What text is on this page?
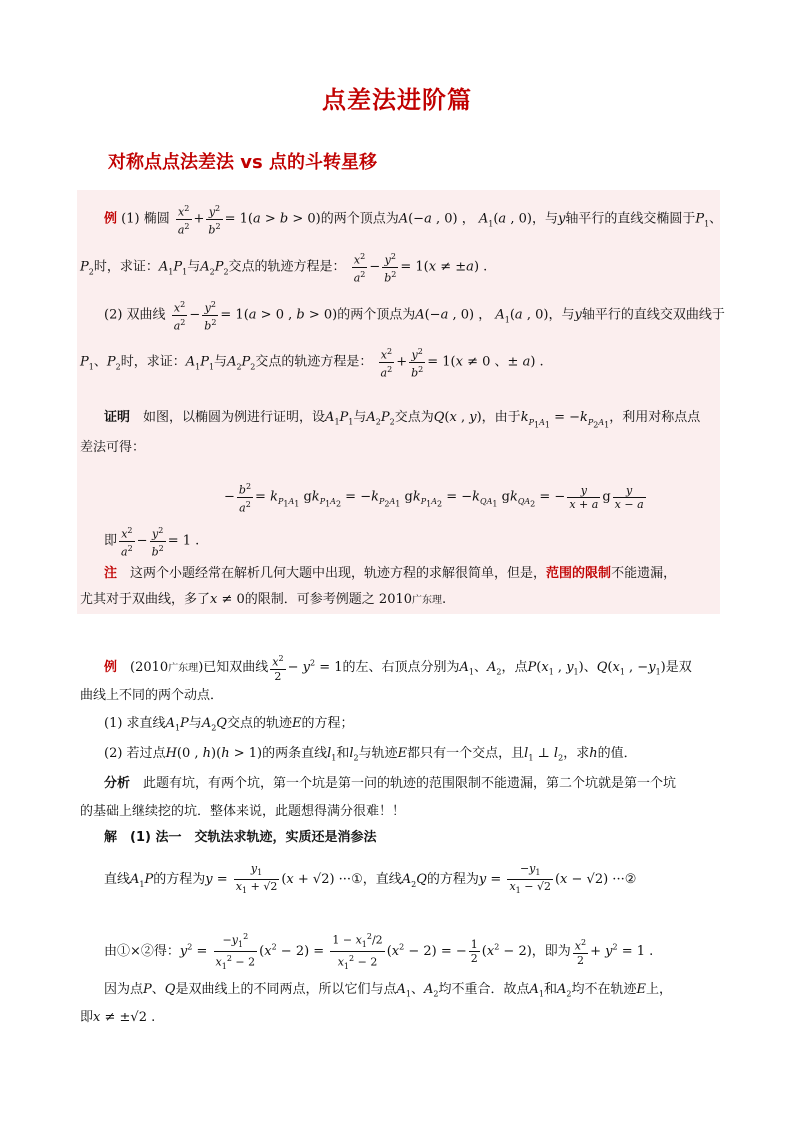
点差法进阶篇
对称点点法差法 vs 点的斗转星移
例 (1) 椭圆 $\frac{x^2}{a^2} + \frac{y^2}{b^2} = 1(a > b > 0)$的两个顶点为A(−a , 0) ， $A_1(a$ , 0)，与y轴平行的直线交椭圆于$P_1$、
$P_2$时，求证：$A_1P_1$与$A_2P_2$交点的轨迹方程是： $\frac{x^2}{a^2} - \frac{y^2}{b^2} = 1(x \ne \pm a)$ .
(2) 双曲线 $\frac{x^2}{a^2} - \frac{y^2}{b^2} = 1(a > 0$ , b > 0)的两个顶点为A(−a , 0) ， $A_1(a$ , 0)，与y轴平行的直线交双曲线于
$P_1$、$P_2$时，求证：$A_1P_1$与$A_2P_2$交点的轨迹方程是： $\frac{x^2}{a^2} + \frac{y^2}{b^2} = 1(x \ne 0$ 、± a) .
证明　 如图，以椭圆为例进行证明，设$A_1P_1$与$A_2P_2$交点为Q(x , y)，由于$k_{P_1A_1} = -k_{P_2A_1}$，利用对称点点
差法可得：
− $\frac{b^2}{a^2} = k_{P_1A_1}$ $gk_{P_1A_2} = -k_{P_2A_1}$ $gk_{P_1A_2} = -k_{QA_1}$ $gk_{QA_2}$ = − $\frac{y}{x + a}$ g $\frac{y}{x - a}$
即 $\frac{x^2}{a^2} - \frac{y^2}{b^2} = 1$ .
注　 这两个小题经常在解析几何大题中出现，轨迹方程的求解很简单，但是，范围的限制不能遗漏，
尤其对于双曲线，多了x ≠ 0的限制．可参考例题之 2010广东理.
例　 (2010广东理)已知双曲线 $\frac{x^2}{2} - y^2 = 1$的左、右顶点分别为$A_1$、$A_2$，点$P(x_1$ , $y_1$)、$Q(x_1$ , $-y_1$)是双
曲线上不同的两个动点．
(1) 求直线$A_1P$与$A_2Q$交点的轨迹E的方程；
(2) 若过点H(0 , h)(h > 1)的两条直线$l_1$和$l_2$与轨迹E都只有一个交点，且$l_1$ ⊥ $l_2$，求h的值．
分析　 此题有坑，有两个坑，第一个坑是第一问的轨迹的范围限制不能遗漏，第二个坑就是第一个坑
的基础上继续挖的坑．整体来说，此题想得满分很难！！
解　 (1) 法一　交轨法求轨迹，实质还是消参法
直线$A_1P$的方程为$y = \frac{y_1}{x_1 + √2} (x + √2)$ ···①，直线$A_2Q$的方程为$y = \frac{-y_1}{x_1 - √2} (x - √2)$ ···②
由①×②得：$y^2 = \frac{-y_1^2}{x_1^2 - 2} (x^2 - 2) = \frac{1 - x_1^2/2}{x_1^2 - 2} (x^2 - 2)$ = − $\frac{1}{2} (x^2 - 2)$，即为 $\frac{x^2}{2} + y^2 = 1$ .
因为点P、Q是双曲线上的不同两点，所以它们与点$A_1$、$A_2$均不重合．故点$A_1$和$A_2$均不在轨迹E上，
即x ≠ ±√2 .
